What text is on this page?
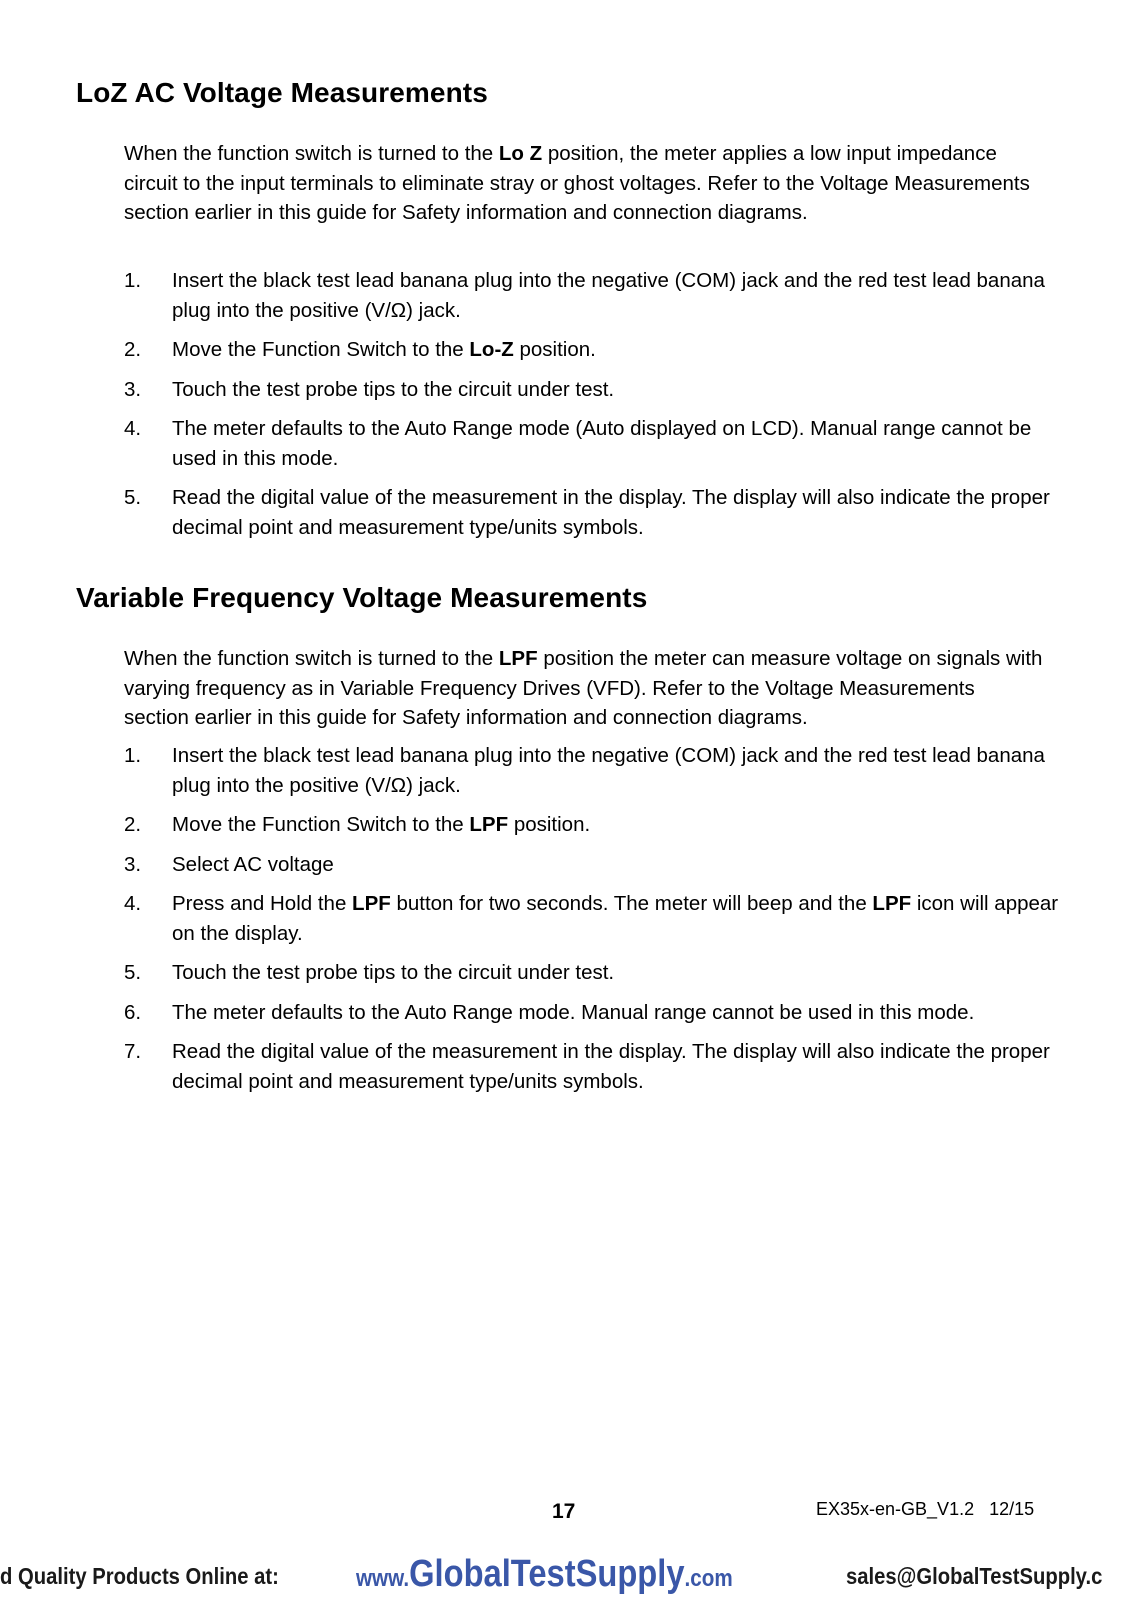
LoZ AC Voltage Measurements

When the function switch is turned to the Lo Z position, the meter applies a low input impedance circuit to the input terminals to eliminate stray or ghost voltages. Refer to the Voltage Measurements section earlier in this guide for Safety information and connection diagrams.

1. Insert the black test lead banana plug into the negative (COM) jack and the red test lead banana plug into the positive (V/Ω) jack.
2. Move the Function Switch to the Lo-Z position.
3. Touch the test probe tips to the circuit under test.
4. The meter defaults to the Auto Range mode (Auto displayed on LCD). Manual range cannot be used in this mode.
5. Read the digital value of the measurement in the display. The display will also indicate the proper decimal point and measurement type/units symbols.
Variable Frequency Voltage Measurements

When the function switch is turned to the LPF position the meter can measure voltage on signals with varying frequency as in Variable Frequency Drives (VFD). Refer to the Voltage Measurements section earlier in this guide for Safety information and connection diagrams.

1. Insert the black test lead banana plug into the negative (COM) jack and the red test lead banana plug into the positive (V/Ω) jack.
2. Move the Function Switch to the LPF position.
3. Select AC voltage
4. Press and Hold the LPF button for two seconds. The meter will beep and the LPF icon will appear on the display.
5. Touch the test probe tips to the circuit under test.
6. The meter defaults to the Auto Range mode. Manual range cannot be used in this mode.
7. Read the digital value of the measurement in the display. The display will also indicate the proper decimal point and measurement type/units symbols.
17	EX35x-en-GB_V1.2   12/15
d Quality Products Online at:	www.GlobalTestSupply.com	sales@GlobalTestSupply.c
